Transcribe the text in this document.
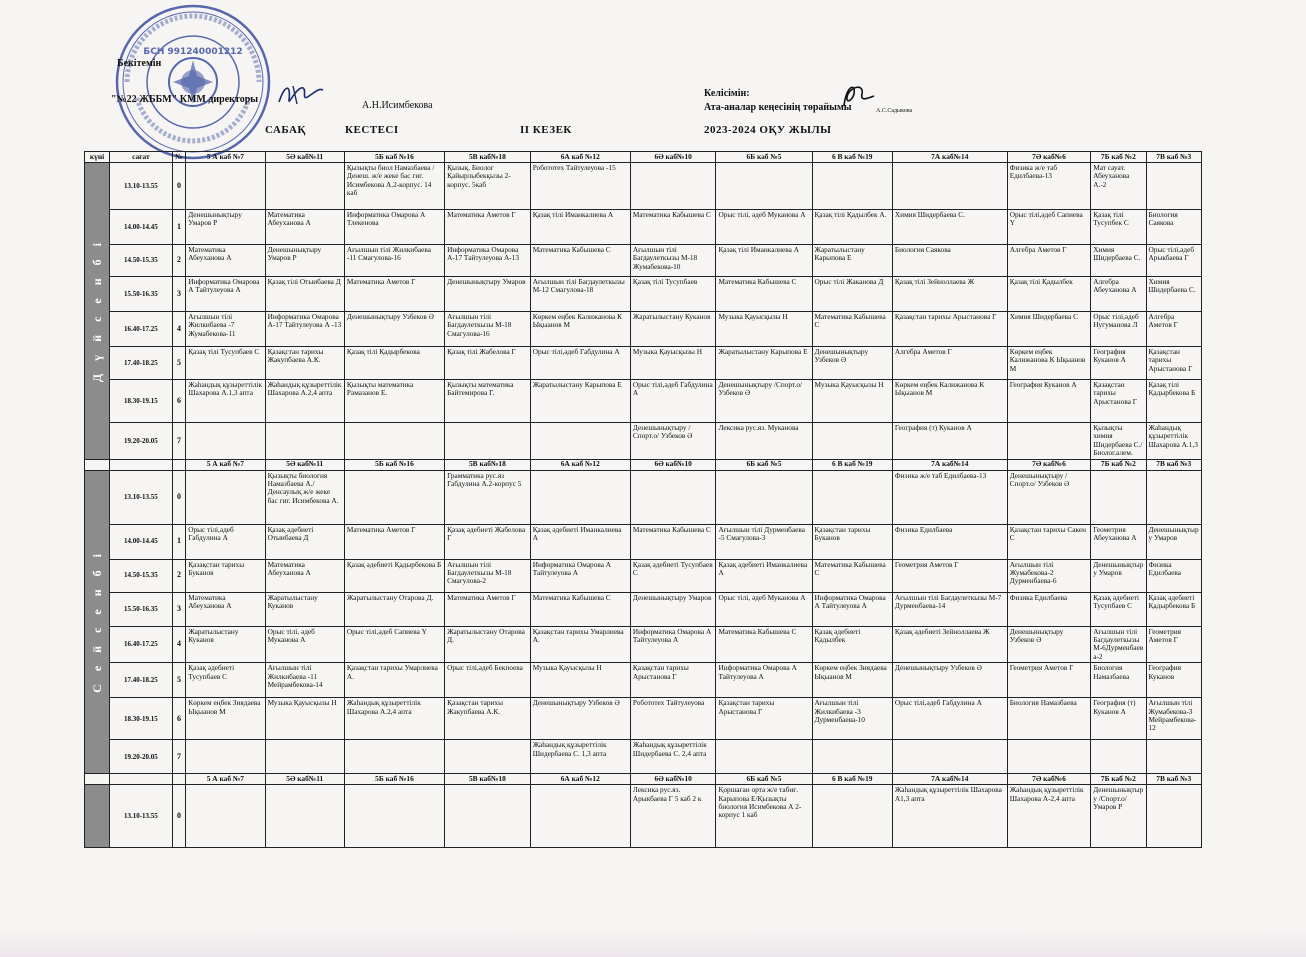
БСН 991240001212
Бекітемін
"№22 ЖББМ" КММ директоры
А.Н.Исимбекова
Келісімін:
Ата-аналар кеңесінің төрайымы	А.С.Садыкова
САБАҚ	КЕСТЕСІ	II КЕЗЕК	2023-2024 ОҚУ ЖЫЛЫ
күні	сағат	№	5 А каб №7	5Ә каб№11	5Б каб №16	5В каб№18	6А каб №12	6Ә каб№10	6Б каб №5	6 В каб №19	7А каб№14	7Ә каб№6	7Б каб №2	7В каб №3
Д ү й с е н б і	13.10-13.55	0			Қызықты биол Намазбаева /Денеш. ж/е жеке бас гиг. Исимбекова А.2-корпус. 14 каб	Қызық. Биолог Қайырлыбекқызы 2-корпус. 5каб	Робототех Тайтулеуова -15					Физика ж/е таб Едилбаева-13	Мат сауат. Абеуханова А.-2	
	14.00-14.45	1	Денешынықтыру Умаров Р	Математика Абеуханова А	Информатика Омарова А Тлекенова	Математика Аметов Г	Қазақ тілі Иманкалиева А	Математика Кабышева С	Орыс тілі, әдеб Муканова А	Қазақ тілі Қадылбек А.	Химия Шидербаева С.	Орыс тілі,әдеб Сапиева Ү	Қазақ тілі Тусупбек С	Биология Саякова
	14.50-15.35	2	Математика Абеуханова А	Денешынықтыру Умаров Р	Ағылшын тілі Жилкибаева -11 Смагулова-16	Информатика Омарова А-17 Тайтулеуова А-13	Математика Кабышева С	Ағылшын тілі Багдаулеткызы М-18 Жумабекова-10	Қазақ тілі Иманкалиева А	Жаратылыстану Карыпова Е	Биология Саякова	Алгебра Аметов Г	Химия Шидербаева С.	Орыс тілі,әдеб Арыкбаева Г
	15.50-16.35	3	Информатика Омарова А Тайтулеуова А	Қазақ тілі Отыибаева Д	Математика Аметов Г	Денешынықтыру Умаров	Ағылшын тілі Багдаулеткызы М-12 Смагулова-18	Қазақ тілі Тусупбаев	Математика Кабышева С	Орыс тілі Жаканова Д	Қазақ тілі Зейноллаева Ж	Қазақ тілі Қадылбек	Алгебра Абеуханова А	Химия Шидербаева С.
	16.40-17.25	4	Ағылшын тілі Жилкибаева -7 Жумабекова-11	Информатика Омарова А-17 Тайтулеуова А -13	Денешынықтыру Узбеков Ә	Ағылшын тілі Багдаулеткызы М-18 Смагулова-16	Көркем еңбек Калижанова К Ықыанов М	Жаратылыстану Куканов	Музыка Қауысқызы Н	Математика Кабышева С	Қазақстан тарихы Арыстанова Г	Химия Шидербаева С	Орыс тілі,әдеб Нугуманова Л	Алгебра Аметов Г
	17.40-18.25	5	Қазақ тілі Тусупбаев С	Қазақстан тарихы Жакупбаева А.К.	Қазақ тілі Қадырбекова	Қазақ тілі Жабелова Г	Орыс тілі,әдеб Габдулина А	Музыка Қауысқызы Н	Жаратылыстану Карыпова Е	Денешынықтыру Узбеков Ә	Алгебра Аметов Г	Көркем еңбек Калижанова К Ықыанов М	География Куканов А	Қазақстан тарихы Арыстанова Г
	18.30-19.15	6	Жаһандық құзыреттілік Шахарова А.1,3 апта	Жаһандық құзыреттілік Шахарова А.2,4 апта	Қызықты математика Рамазанов Е.	Қызықты математика Байтемирова Г.	Жаратылыстану Карыпова Е	Орыс тілі,әдеб Габдулина А	Денешынықтыру /Спорт.о/ Узбеков Ә	Музыка Қауысқызы Н	Көркем еңбек Калижанова К Ықыанов М	География Куканов А	Қазақстан тарихы Арыстанова Г	Қазақ тілі Қадырбекова Б
	19.20-20.05	7						Денешынықтыру /Спорт.о/ Узбеков Ә	Лексика рус.яз. Муканова		География (т) Куканов А		Қызықты химия Шидербаева С./Биолог.алем.	Жаһандық құзыреттілік Шахарова А.1,3
			5 А каб №7	5Ә каб№11	5Б каб №16	5В каб№18	6А каб №12	6Ә каб№10	6Б каб №5	6 В каб №19	7А каб№14	7Ә каб№6	7Б каб №2	7В каб №3
С е й с е н б і	13.10-13.55	0		Қызықты биология Намазбаева А./Денсаулық ж/е жеке бас гиг. Исимбекова А.		Грамматика рус.яз Габдулина А.2-корпус 5					Физика ж/е таб Едилбаева-13	Денешынықтыру /Спорт.о/ Узбеков Ә		
	14.00-14.45	1	Орыс тілі,әдеб Габдулина А	Қазақ әдебиеті Отыибаева Д	Математика Аметов Г	Қазақ әдебиеті Жабелова Г	Қазақ әдебиеті Иманкалиева А	Математика Кабышева С	Ағылшын тілі Дурменбаева -5 Смагулова-3	Қазақстан тарихы Буканов	Физика Едилбаева	Қазақстан тарихы Сакен С	Геометрия Абеуханова А	Денешынықтыру Умаров
	14.50-15.35	2	Қазақстан тарихы Буканов	Математика Абеуханова А	Қазақ әдебиеті Қадырбекова Б	Ағылшын тілі Багдаулеткызы М-18 Смагулова-2	Информатика Омарова А Тайтулеуова А	Қазақ әдебиеті Тусупбаев С	Қазақ әдебиеті Иманкалиева А	Математика Кабышева С	Геометрия Аметов Г	Ағылшын тілі Жумабекова-2 Дурменбаева-6	Денешынықтыру Умаров	Физика Едилбаева
	15.50-16.35	3	Математика Абеуханова А	Жаратылыстану Куканов	Жаратылыстану Отарова Д.	Математика Аметов Г	Математика Кабышева С	Денешынықтыру Умаров	Орыс тілі, әдеб Муканова А	Информатика Омарова А Тайтулеуова А	Ағылшын тілі Багдаулеткызы М-7 Дурменбаева-14	Физика Едилбаева	Қазақ әдебиеті Тусупбаев С	Қазақ әдебиеті Қадырбекова Б
	16.40-17.25	4	Жаратылыстану Куканов	Орыс тілі, әдеб Муканова А	Орыс тілі,әдеб Сапиева Ү	Жаратылыстану Отарова Д.	Қазақстан тарихы Умарлиева А.	Информатика Омарова А Тайтулеуова А	Математика Кабышева С	Қазақ әдебиеті Қадылбек	Қазақ әдебиеті Зейноллаева Ж	Денешынықтыру Узбеков Ә	Ағылшын тілі Багдаулеткызы М-6Дурменбаева-2	Геометрия Аметов Г
	17.40-18.25	5	Қазақ әдебиеті Тусупбаев С	Ағылшын тілі Жилкибаева -11 Мейрамбекова-14	Қазақстан тарихы Умарлиева А.	Орыс тілі,әдеб Бекпоева	Музыка Қауысқызы Н	Қазақстан тарихы Арыстанова Г	Информатика Омарова А Тайтулеуова А	Көркем еңбек Зиядаева Ықыанов М	Денешынықтыру Узбеков Ә	Геометрия Аметов Г	Биология Намазбаева	География Куканов
	18.30-19.15	6	Көркем еңбек Зиядаева Ықыанов М	Музыка Қауысқызы Н	Жаһандық құзыреттілік Шахарова А.2,4 апта	Қазақстан тарихы Жакупбаева А.К.	Денешынықтыру Узбеков Ә	Робототех Тайтулеуова	Қазақстан тарихы Арыстанова Г	Ағылшын тілі Жилкибаева -3 Дурменбаева-10	Орыс тілі,әдеб Габдулина А	Биология Намазбаева	География (т) Куканов А	Ағылшын тілі Жумабекова-3 Мейрамбекова-12
	19.20-20.05	7					Жаһандық құзыреттілік Шидербаева С. 1,3 апта	Жаһандық құзыреттілік Шидербаева С. 2,4 апта						
			5 А каб №7	5Ә каб№11	5Б каб №16	5В каб№18	6А каб №12	6Ә каб№10	6Б каб №5	6 В каб №19	7А каб№14	7Ә каб№6	7Б каб №2	7В каб №3
	13.10-13.55	0						Лексика рус.яз. Арыкбаева Г 5 каб 2 к	Қоршаған орта ж/е табиғ. Карыпова Е/Қызықты биология Исимбекова А 2-корпус 1 каб		Жаһандық құзыреттілік Шахарова А1,3 апта	Жаһандық құзыреттілік Шахарова А-2,4 апта	Денешынықтыру /Спорт.о/ Умаров Р	
